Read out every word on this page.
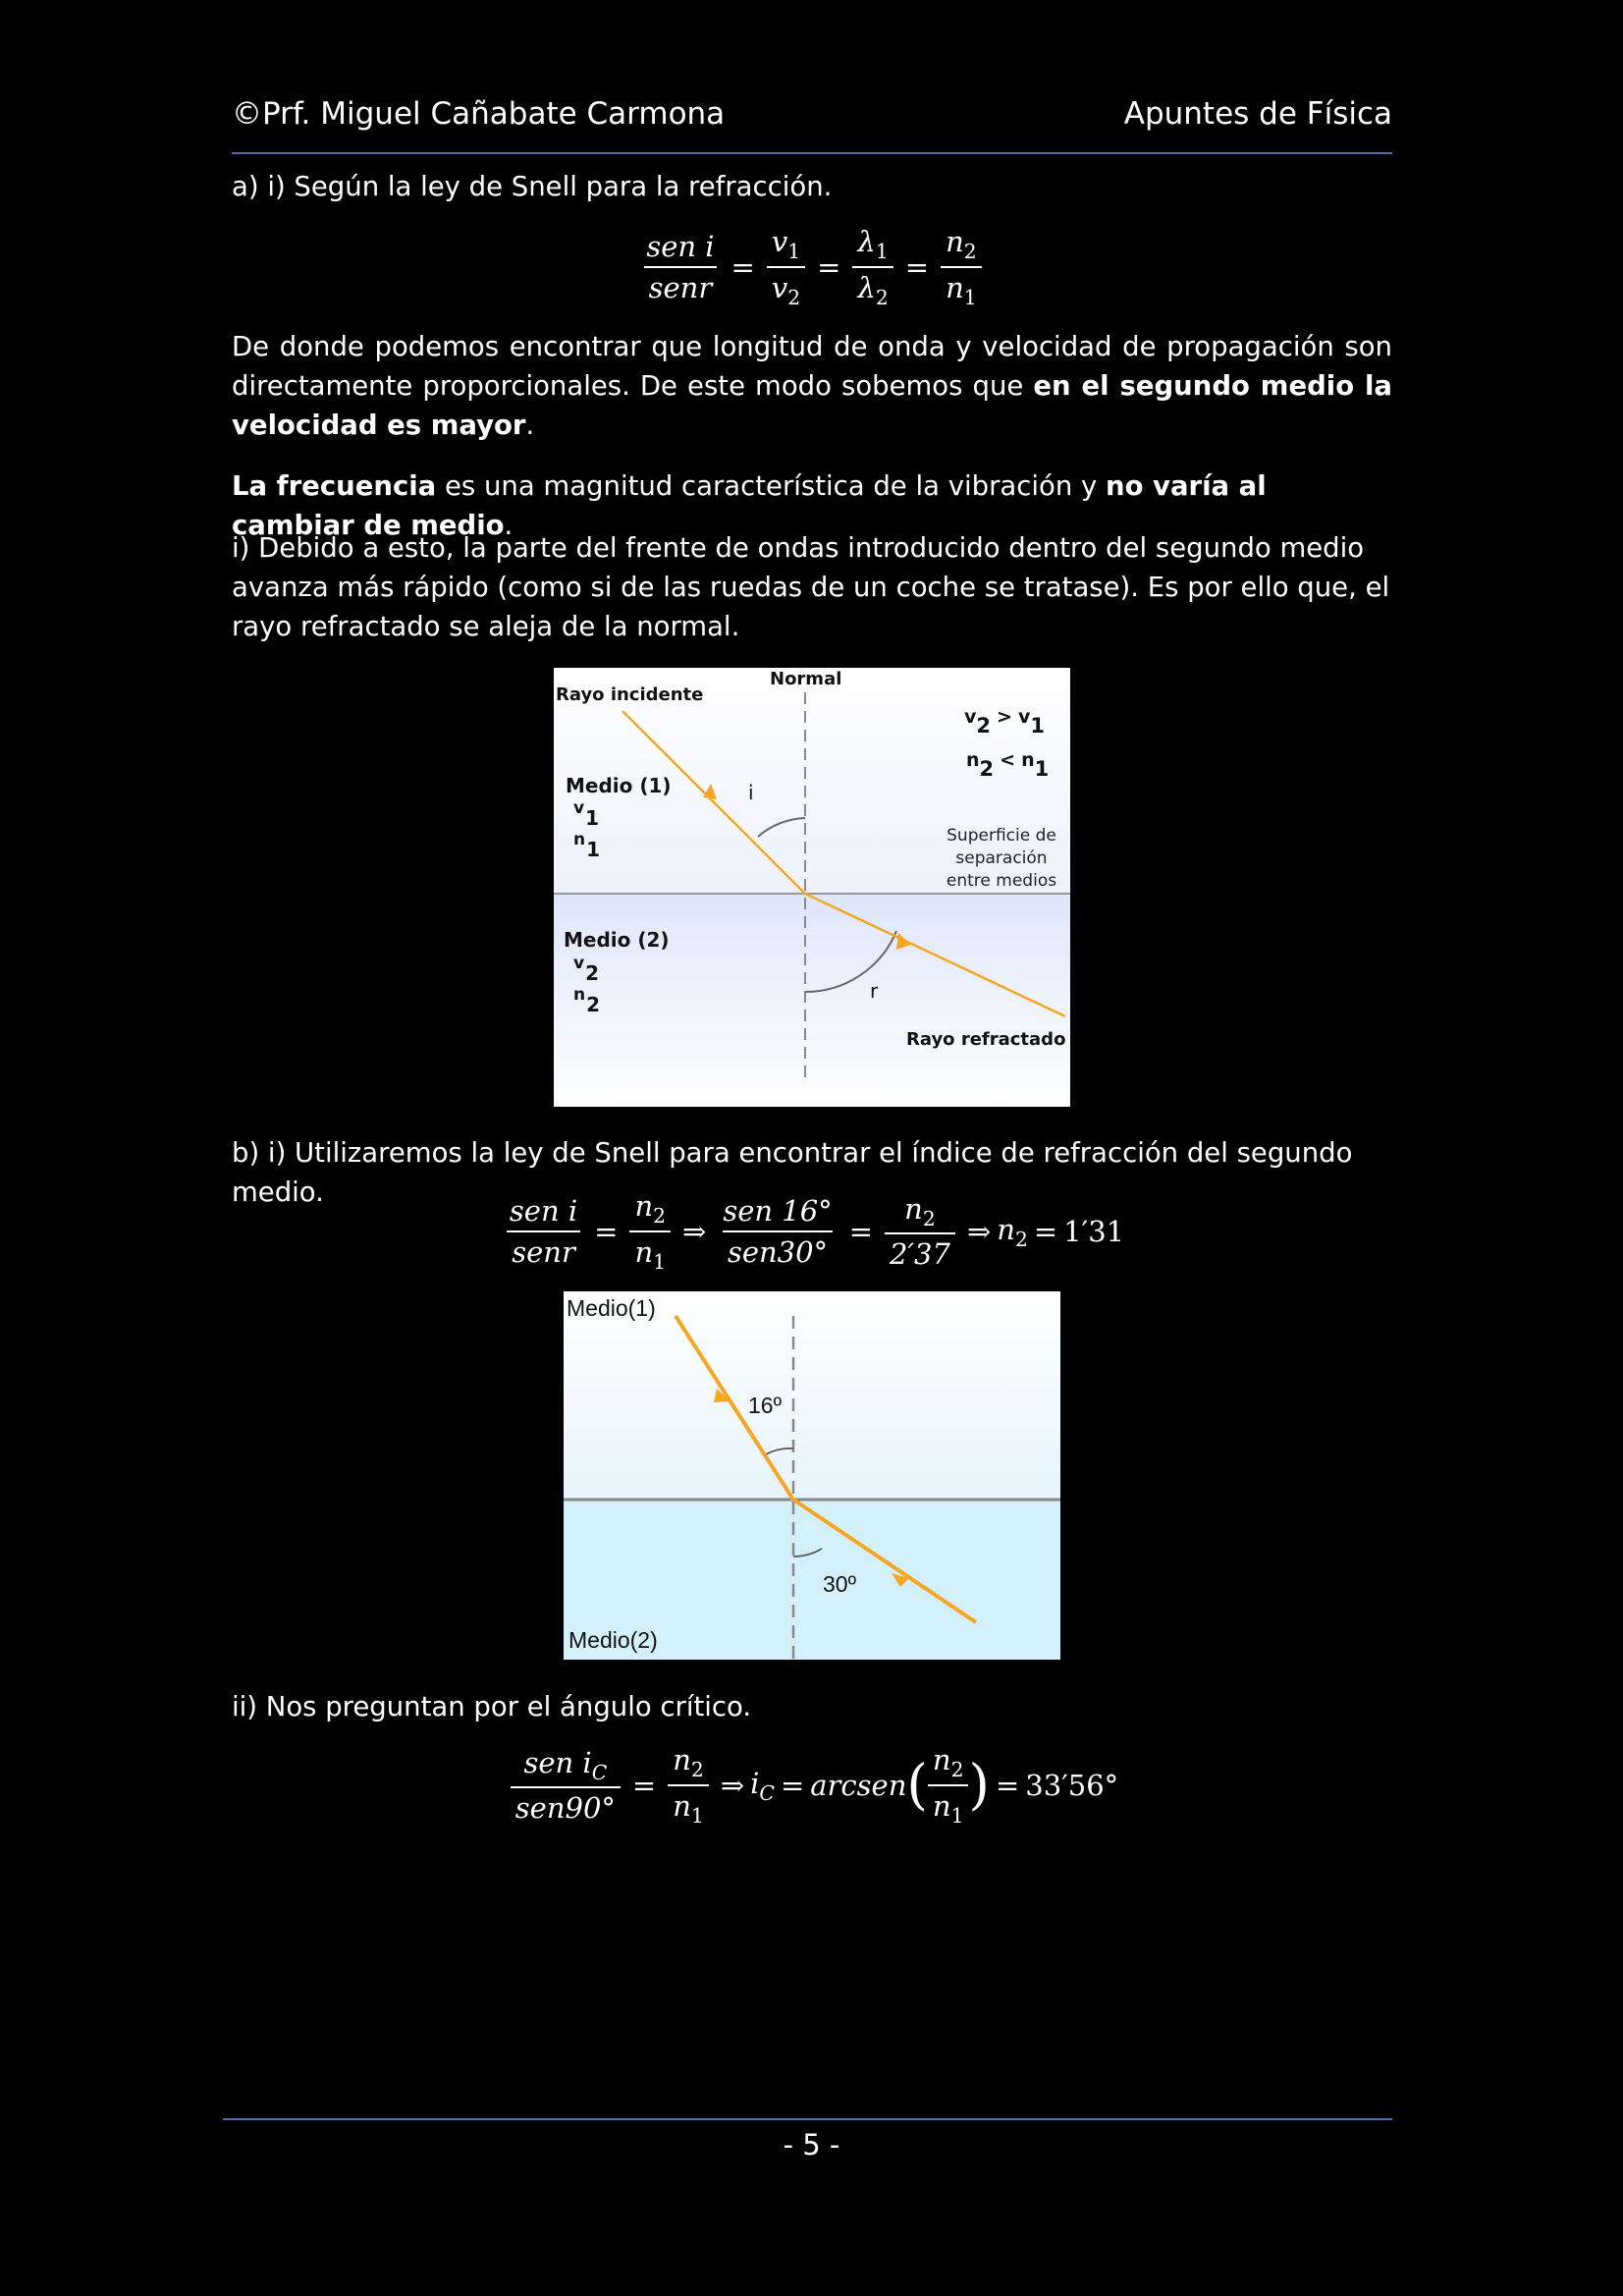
©Prf. Miguel Cañabate Carmona	Apuntes de Física
a) i) Según la ley de Snell para la refracción.
$\frac{\text{sen i}}{\text{senr}} = \frac{v_1}{v_2} = \frac{\lambda_1}{\lambda_2} = \frac{n_2}{n_1}$
De donde podemos encontrar que longitud de onda y velocidad de propagación son directamente proporcionales. De este modo sobemos que en el segundo medio la velocidad es mayor.
La frecuencia es una magnitud característica de la vibración y no varía al cambiar de medio.
i) Debido a esto, la parte del frente de ondas introducido dentro del segundo medio avanza más rápido (como si de las ruedas de un coche se tratase). Es por ello que, el rayo refractado se aleja de la normal.
Normal
Rayo incidente
Medio (1)
v1
n1
i
Medio (2)
v2
n2
r
v2 > v1
n2 < n1
Superficie de
separación
entre medios
Rayo refractado
b) i) Utilizaremos la ley de Snell para encontrar el índice de refracción del segundo medio.
$\frac{\text{sen i}}{\text{senr}} = \frac{n_2}{n_1}$ ⇒ $\frac{\text{sen 16°}}{\text{sen30°}} = \frac{n_2}{2'37}$ ⇒ $n_2 = 1'31$
Medio(1)
16º
30º
Medio(2)
ii) Nos preguntan por el ángulo crítico.
$\frac{sen i_C}{\text{sen90°}} = \frac{n_2}{n_1}$ ⇒ $i_C$ = arcsen ( $\frac{n_2}{n_1}$ ) = 33′56°
- 5 -
